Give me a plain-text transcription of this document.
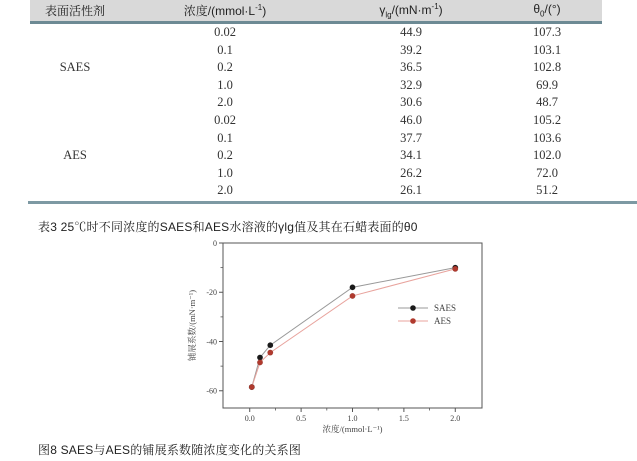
表面活性剂	浓度$/(mmol\cdot L^{-1})$	$\gamma_{lg}/(mN\cdot m^{-1})$	$\theta_0/(^\circ)$
	0.02	44.9	107.3
	0.1	39.2	103.1
SAES	0.2	36.5	102.8
	1.0	32.9	69.9
	2.0	30.6	48.7
	0.02	46.0	105.2
	0.1	37.7	103.6
AES	0.2	34.1	102.0
	1.0	26.2	72.0
	2.0	26.1	51.2
表3 25℃时不同浓度的SAES和AES水溶液的γlg值及其在石蜡表面的θ0
0.0	0.5	1.0	1.5	2.0
0
-20
-40
-60
浓度/(mmol·L⁻¹)
铺展系数/(mN·m⁻¹)	SAES
AES
图8 SAES与AES的铺展系数随浓度变化的关系图
